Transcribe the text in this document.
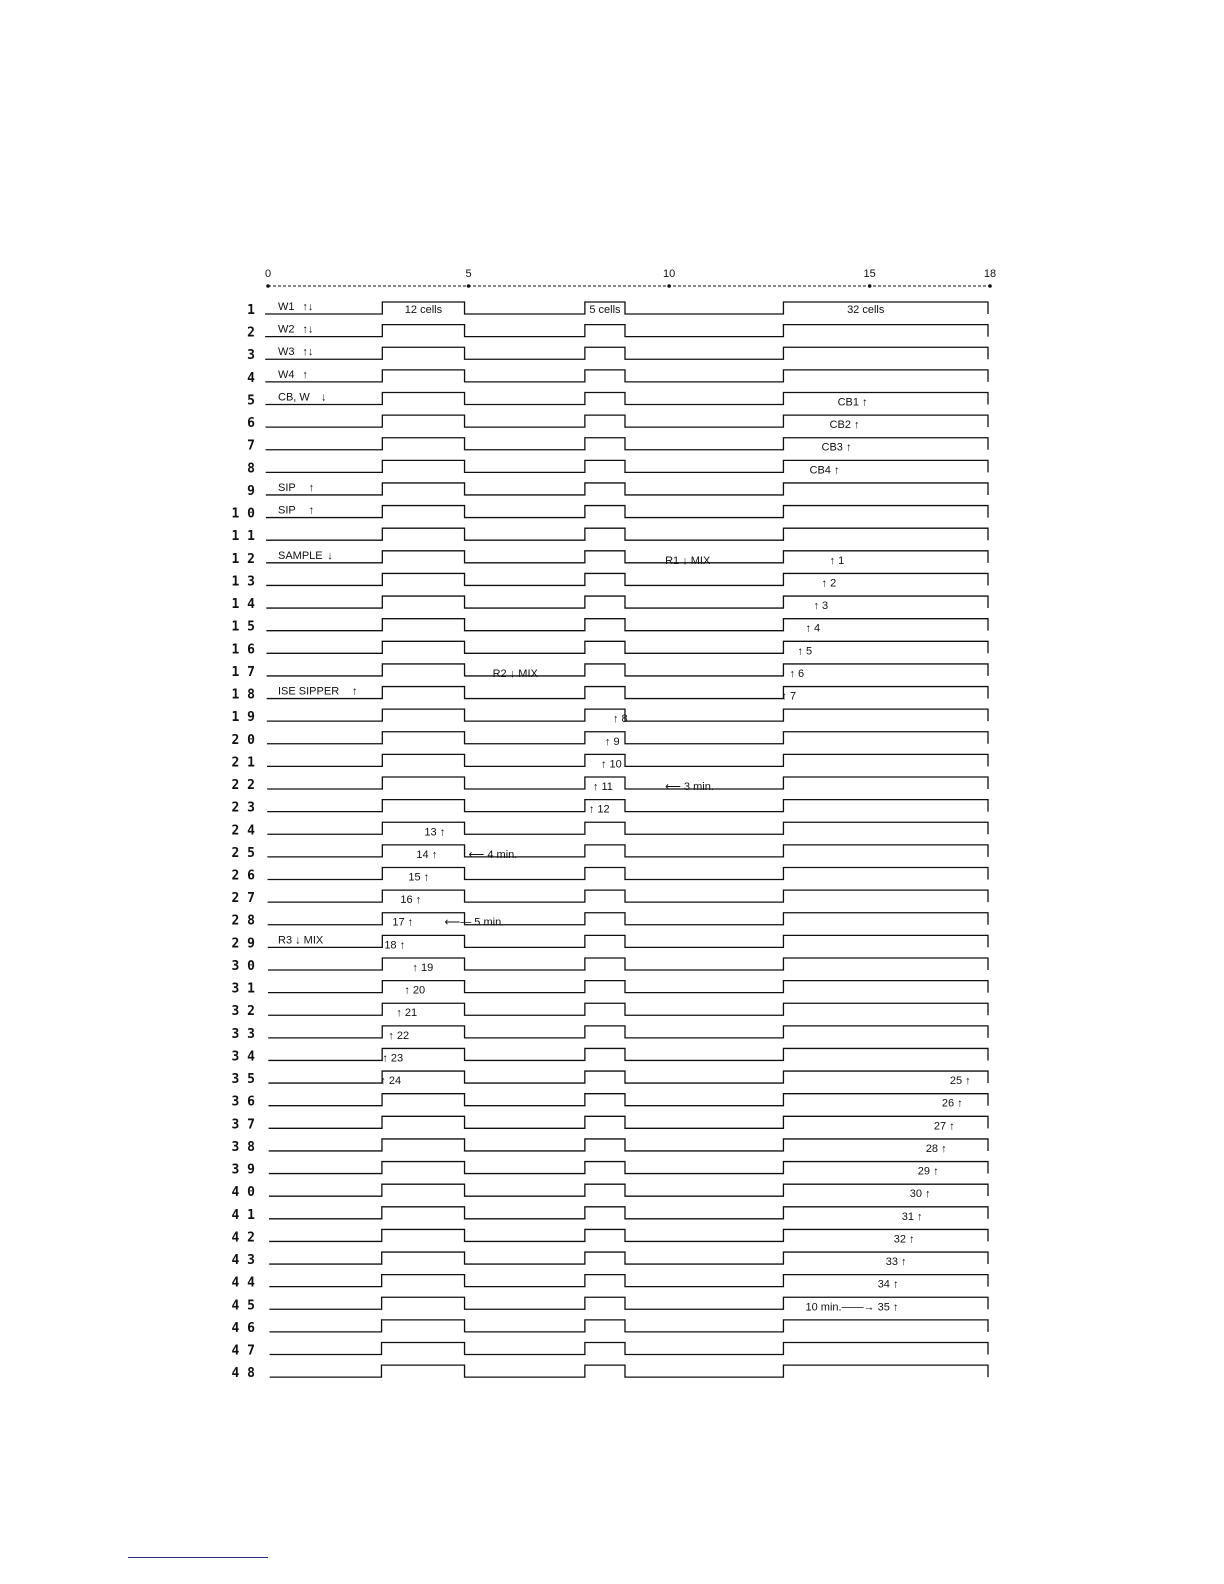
0	5	10	15	18
1 W1 ↑↓
2 W2 ↑↓
3 W3 ↑↓
4 W4 ↑
5 CB, W ↓
6
7
8
9 SIP ↑
1 0 SIP ↑
1 1
1 2 SAMPLE ↓
1 3
1 4
1 5
1 6
1 7
1 8 ISE SIPPER ↑
1 9
2 0
2 1
2 2
2 3
2 4
2 5
2 6
2 7
2 8
2 9 R3 ↓ MIX
3 0
3 1
3 2
3 3
3 4
3 5
3 6
3 7
3 8
3 9
4 0
4 1
4 2
4 3
4 4
4 5
4 6
4 7
4 8
12 cells	5 cells	32 cells
CB1 ↑
CB2 ↑
CB3 ↑
CB4 ↑
R1 ↓ MIX
R2 ↓ MIX
↑ 1
↑ 2
↑ 3
↑ 4
↑ 5
↑ 6
↑ 7
↑ 8
↑ 9
↑ 10
↑ 11	⟵ 3 min.
↑ 12
13 ↑
14 ↑	⟵ 4 min.
15 ↑
16 ↑
17 ↑	⟵— 5 min.
18 ↑
↑ 19
↑ 20
↑ 21
↑ 22
↑ 23
↑ 24	25 ↑
26 ↑
27 ↑
28 ↑
29 ↑
30 ↑
31 ↑
32 ↑
33 ↑
34 ↑
10 min.——→ 35 ↑
